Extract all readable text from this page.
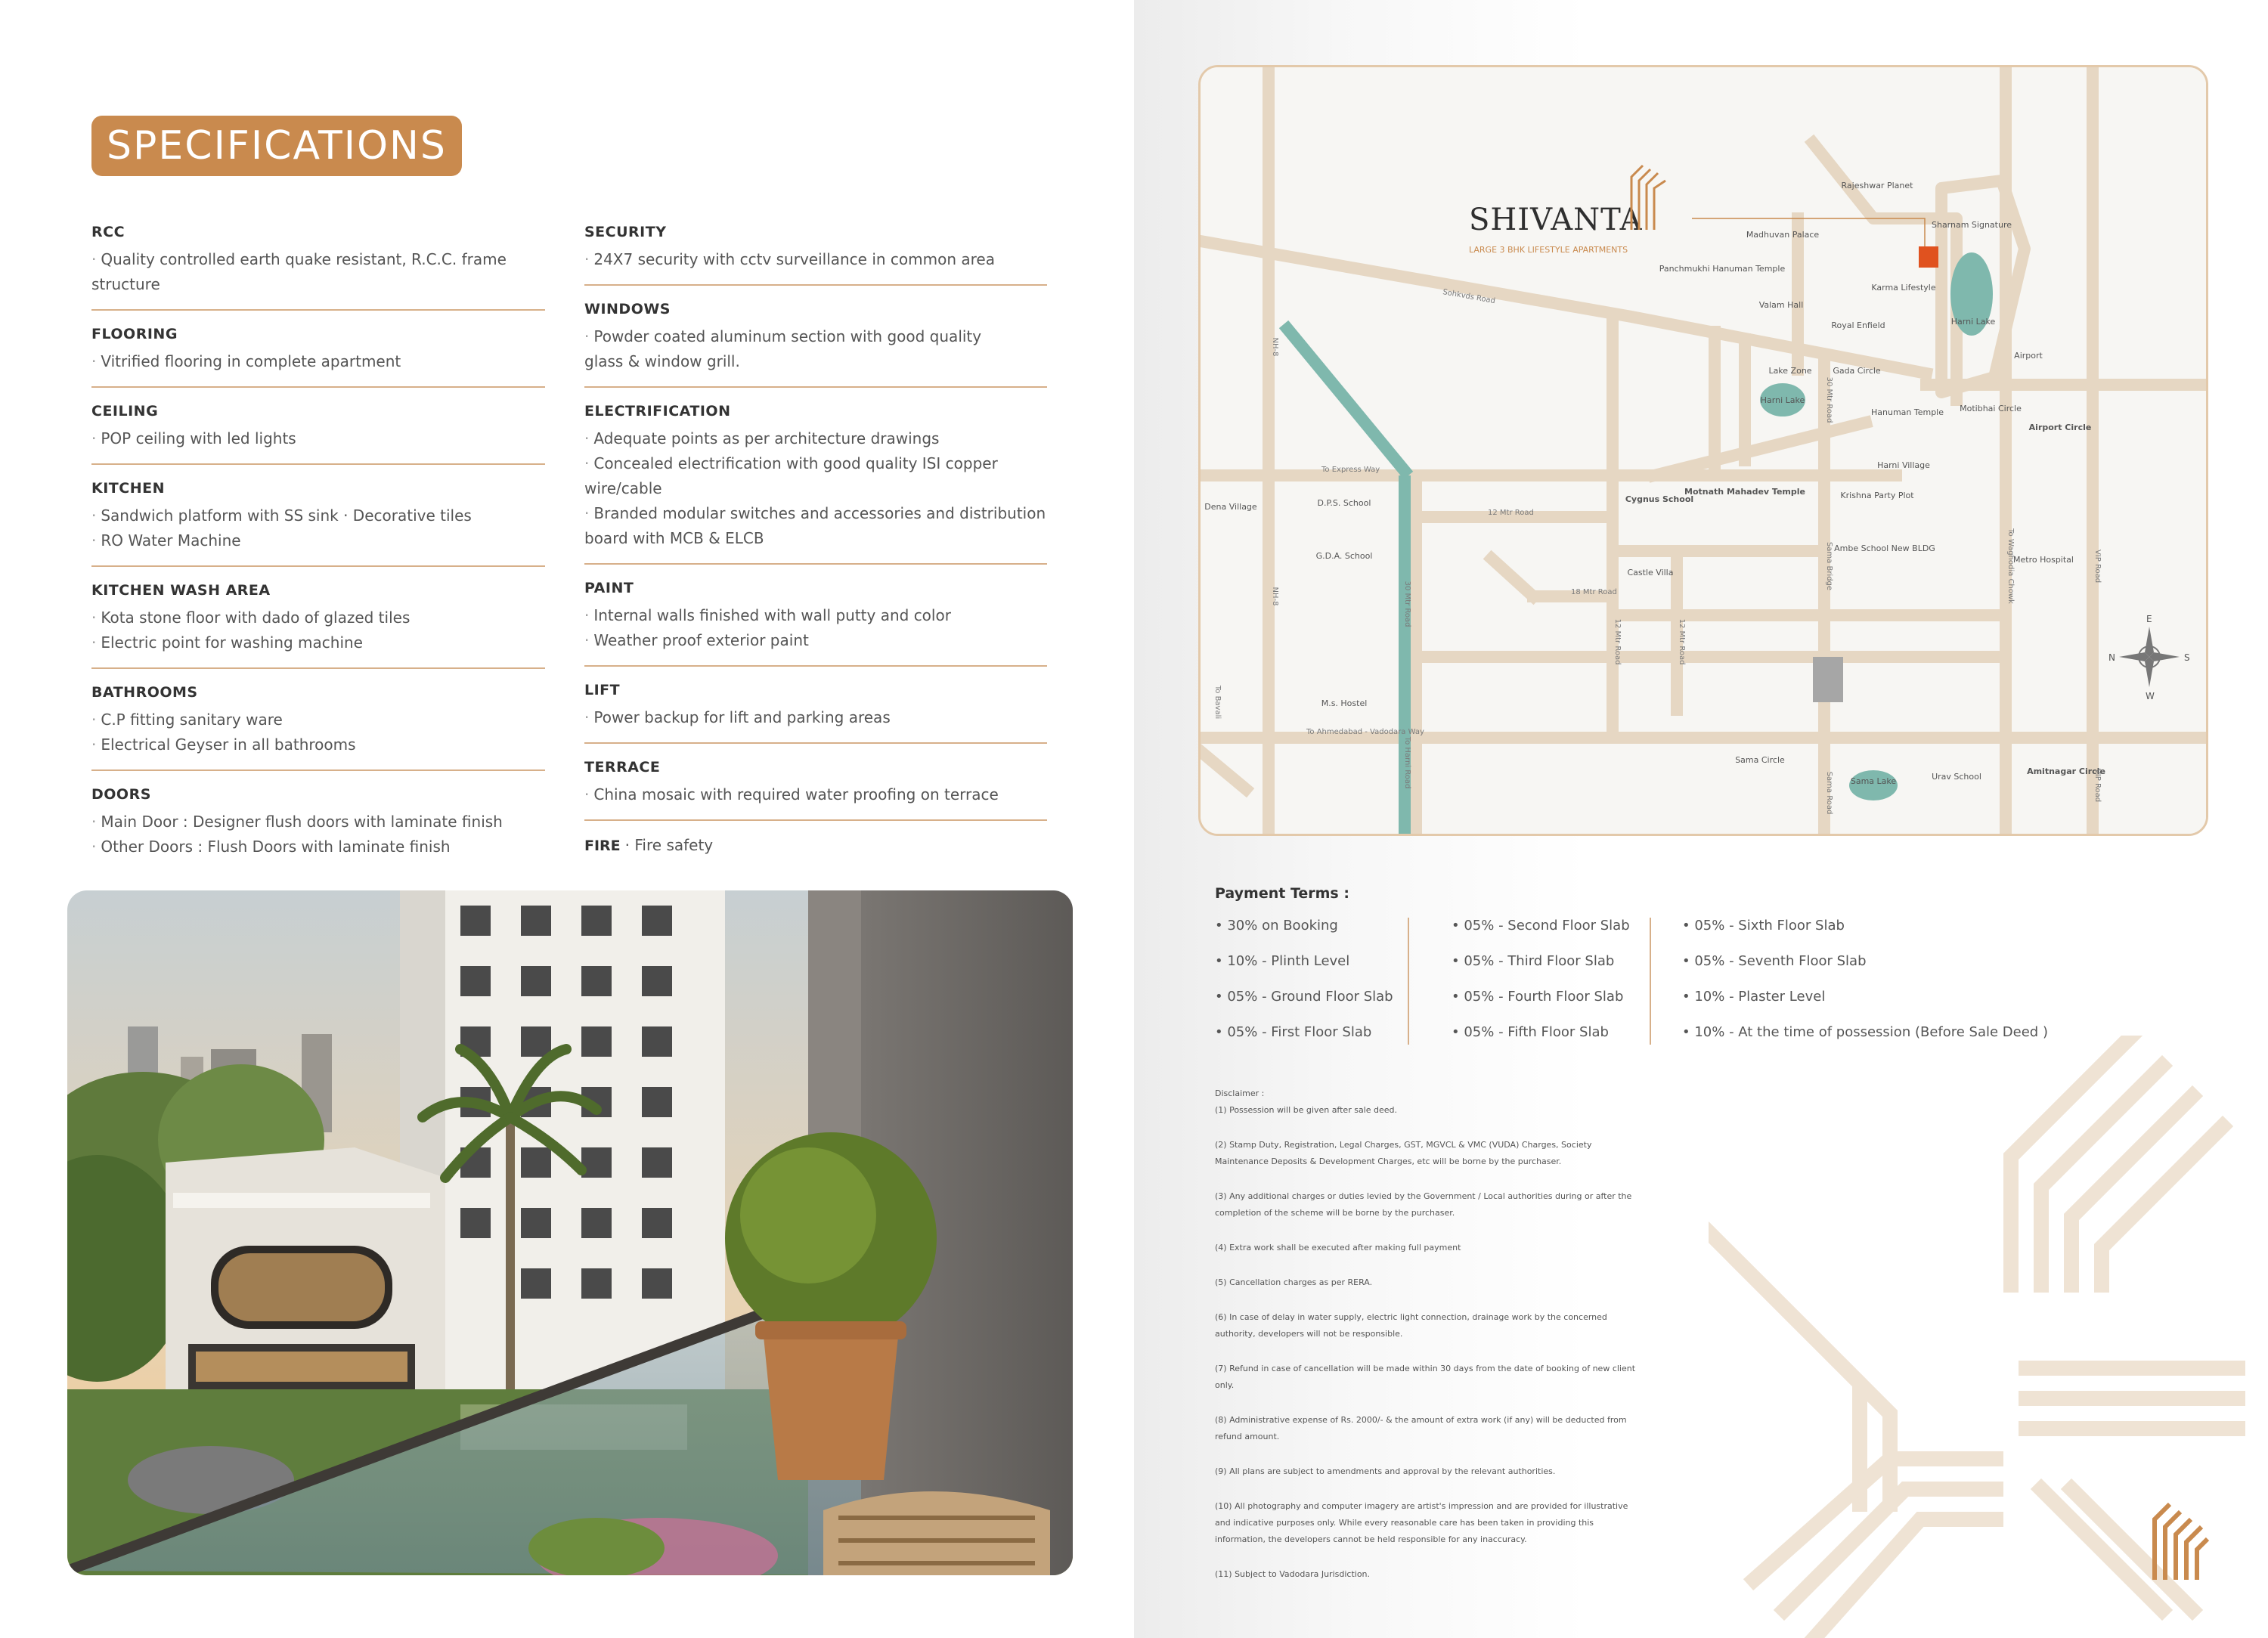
SPECIFICATIONS
RCC
· Quality controlled earth quake resistant, R.C.C. frame structure
FLOORING
· Vitrified flooring in complete apartment
CEILING
· POP ceiling with led lights
KITCHEN
· Sandwich platform with SS sink · Decorative tiles
· RO Water Machine
KITCHEN WASH AREA
· Kota stone floor with dado of glazed tiles
· Electric point for washing machine
BATHROOMS
· C.P fitting sanitary ware
· Electrical Geyser in all bathrooms
DOORS
· Main Door : Designer flush doors with laminate finish
· Other Doors : Flush Doors with laminate finish
SECURITY
· 24X7 security with cctv surveillance in common area
WINDOWS
· Powder coated aluminum section with good quality
glass & window grill.
ELECTRIFICATION
· Adequate points as per architecture drawings
· Concealed electrification with good quality ISI copper wire/cable
· Branded modular switches and accessories and distribution
board with MCB & ELCB
PAINT
· Internal walls finished with wall putty and color
· Weather proof exterior paint
LIFT
· Power backup for lift and parking areas
TERRACE
· China mosaic with required water proofing on terrace
FIRE · Fire safety
SHIVANTA
LARGE 3 BHK LIFESTYLE APARTMENTS
N	S
E
W
Rajeshwar Planet
Madhuvan Palace
Sharnam Signature
Panchmukhi Hanuman Temple
Valam Hall
Karma Lifestyle
Royal Enfield
Lake Zone	Gada Circle
Harni Lake
Harni Lake
Airport
Hanuman Temple Motibhai Circle
Airport Circle
Harni Village
Dena Village	D.P.S. School
G.D.A. School
Cygnus School
Motnath Mahadev Temple	Krishna Party Plot
Ambe School New BLDG
Metro Hospital
Castle Villa
M.s. Hostel
Sama Circle
Sama Lake	Urav School
Amitnagar Circle
Sohkvds Road
To Express Way
To Ahmedabad - Vadodara Way
12 Mtr Road
18 Mtr Road
NH-8
NH-8	30 Mtr Road
30 Mtr Road
12 Mtr Road	12 Mtr Road
Sama Bridge
Sama Road
VIP Road
VIP Road
To Waghodia Chowk
To Harni Road
To Bavali
Payment Terms :
• 30% on Booking
• 10% - Plinth Level
• 05% - Ground Floor Slab
• 05% - First Floor Slab
• 05% - Second Floor Slab
• 05% - Third Floor Slab
• 05% - Fourth Floor Slab
• 05% - Fifth Floor Slab
• 05% - Sixth Floor Slab
• 05% - Seventh Floor Slab
• 10% - Plaster Level
• 10% - At the time of possession (Before Sale Deed )

Disclaimer :

(1) Possession will be given after sale deed.

(2) Stamp Duty, Registration, Legal Charges, GST, MGVCL & VMC (VUDA) Charges, Society Maintenance Deposits & Development Charges, etc will be borne by the purchaser.

(3) Any additional charges or duties levied by the Government / Local authorities during or after the completion of the scheme will be borne by the purchaser.

(4) Extra work shall be executed after making full payment

(5) Cancellation charges as per RERA.

(6) In case of delay in water supply, electric light connection, drainage work by the concerned authority, developers will not be responsible.

(7) Refund in case of cancellation will be made within 30 days from the date of booking of new client only.

(8) Administrative expense of Rs. 2000/- & the amount of extra work (if any) will be deducted from refund amount.

(9) All plans are subject to amendments and approval by the relevant authorities.

(10) All photography and computer imagery are artist's impression and are provided for illustrative and indicative purposes only. While every reasonable care has been taken in providing this information, the developers cannot be held responsible for any inaccuracy.

(11) Subject to Vadodara Jurisdiction.
